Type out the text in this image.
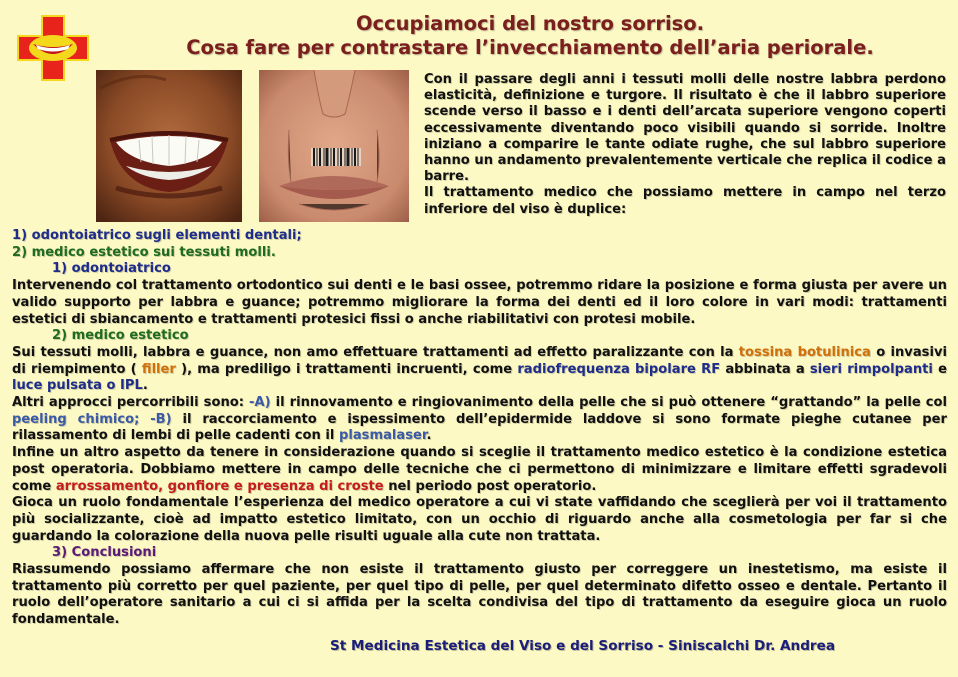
Occupiamoci del nostro sorriso.
Cosa fare per contrastare l’invecchiamento dell’aria periorale.

Con il passare degli anni i tessuti molli delle nostre labbra perdono elasticità, definizione e turgore. Il risultato è che il labbro superiore scende verso il basso e i denti dell’arcata superiore vengono coperti eccessivamente diventando poco visibili quando si sorride. Inoltre iniziano a comparire le tante odiate rughe, che sul labbro superiore hanno un andamento prevalentemente verticale che replica il codice a barre.

Il trattamento medico che possiamo mettere in campo nel terzo inferiore del viso è duplice:

1) odontoiatrico sugli elementi dentali;

2) medico estetico sui tessuti molli.

1) odontoiatrico

Intervenendo col trattamento ortodontico sui denti e le basi ossee, potremmo ridare la posizione e forma giusta per avere un valido supporto per labbra e guance; potremmo migliorare la forma dei denti ed il loro colore in vari modi: trattamenti estetici di sbiancamento e trattamenti protesici fissi o anche riabilitativi con protesi mobile.

2) medico estetico

Sui tessuti molli, labbra e guance, non amo effettuare trattamenti ad effetto paralizzante con la tossina botulinica o invasivi di riempimento ( filler ), ma prediligo i trattamenti incruenti, come radiofrequenza bipolare RF abbinata a sieri rimpolpanti e luce pulsata o IPL.

Altri approcci percorribili sono: -A) il rinnovamento e ringiovanimento della pelle che si può ottenere “grattando” la pelle col peeling chimico; -B) il raccorciamento e ispessimento dell’epidermide laddove si sono formate pieghe cutanee per rilassamento di lembi di pelle cadenti con il plasmalaser.

Infine un altro aspetto da tenere in considerazione quando si sceglie il trattamento medico estetico è la condizione estetica post operatoria. Dobbiamo mettere in campo delle tecniche che ci permettono di minimizzare e limitare effetti sgradevoli come arrossamento, gonfiore e presenza di croste nel periodo post operatorio.

Gioca un ruolo fondamentale l’esperienza del medico operatore a cui vi state vaffidando che sceglierà per voi il trattamento più socializzante, cioè ad impatto estetico limitato, con un occhio di riguardo anche alla cosmetologia per far si che guardando la colorazione della nuova pelle risulti uguale alla cute non trattata.

3) Conclusioni

Riassumendo possiamo affermare che non esiste il trattamento giusto per correggere un inestetismo, ma esiste il trattamento più corretto per quel paziente, per quel tipo di pelle, per quel determinato difetto osseo e dentale. Pertanto il ruolo dell’operatore sanitario a cui ci si affida per la scelta condivisa del tipo di trattamento da eseguire gioca un ruolo fondamentale.

St Medicina Estetica del Viso e del Sorriso - Siniscalchi Dr. Andrea
